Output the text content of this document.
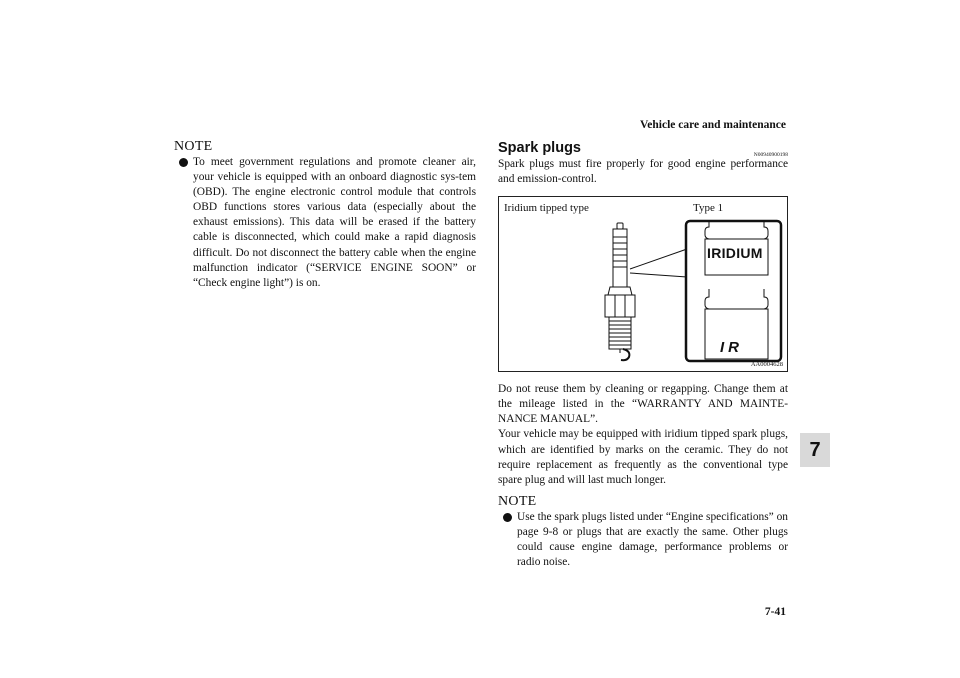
Vehicle care and maintenance
NOTE
To meet government regulations and promote cleaner air, your vehicle is equipped with an onboard diagnostic sys-tem (OBD). The engine electronic control module that controls OBD functions stores various data (especially about the exhaust emissions). This data will be erased if the battery cable is disconnected, which could make a rapid diagnosis difficult. Do not disconnect the battery cable when the engine malfunction indicator (“SERVICE ENGINE SOON” or “Check engine light”) is on.
Spark plugs	N00940900198
Spark plugs must fire properly for good engine performance and emission-control.
Iridium tipped type	Type 1
IRIDIUM
IR
AA0004628
Do not reuse them by cleaning or regapping. Change them at the mileage listed in the “WARRANTY AND MAINTE-NANCE MANUAL”.
Your vehicle may be equipped with iridium tipped spark plugs, which are identified by marks on the ceramic. They do not require replacement as frequently as the conventional type spare plug and will last much longer.
NOTE
Use the spark plugs listed under “Engine specifications” on page 9-8 or plugs that are exactly the same. Other plugs could cause engine damage, performance problems or radio noise.
7
7-41
